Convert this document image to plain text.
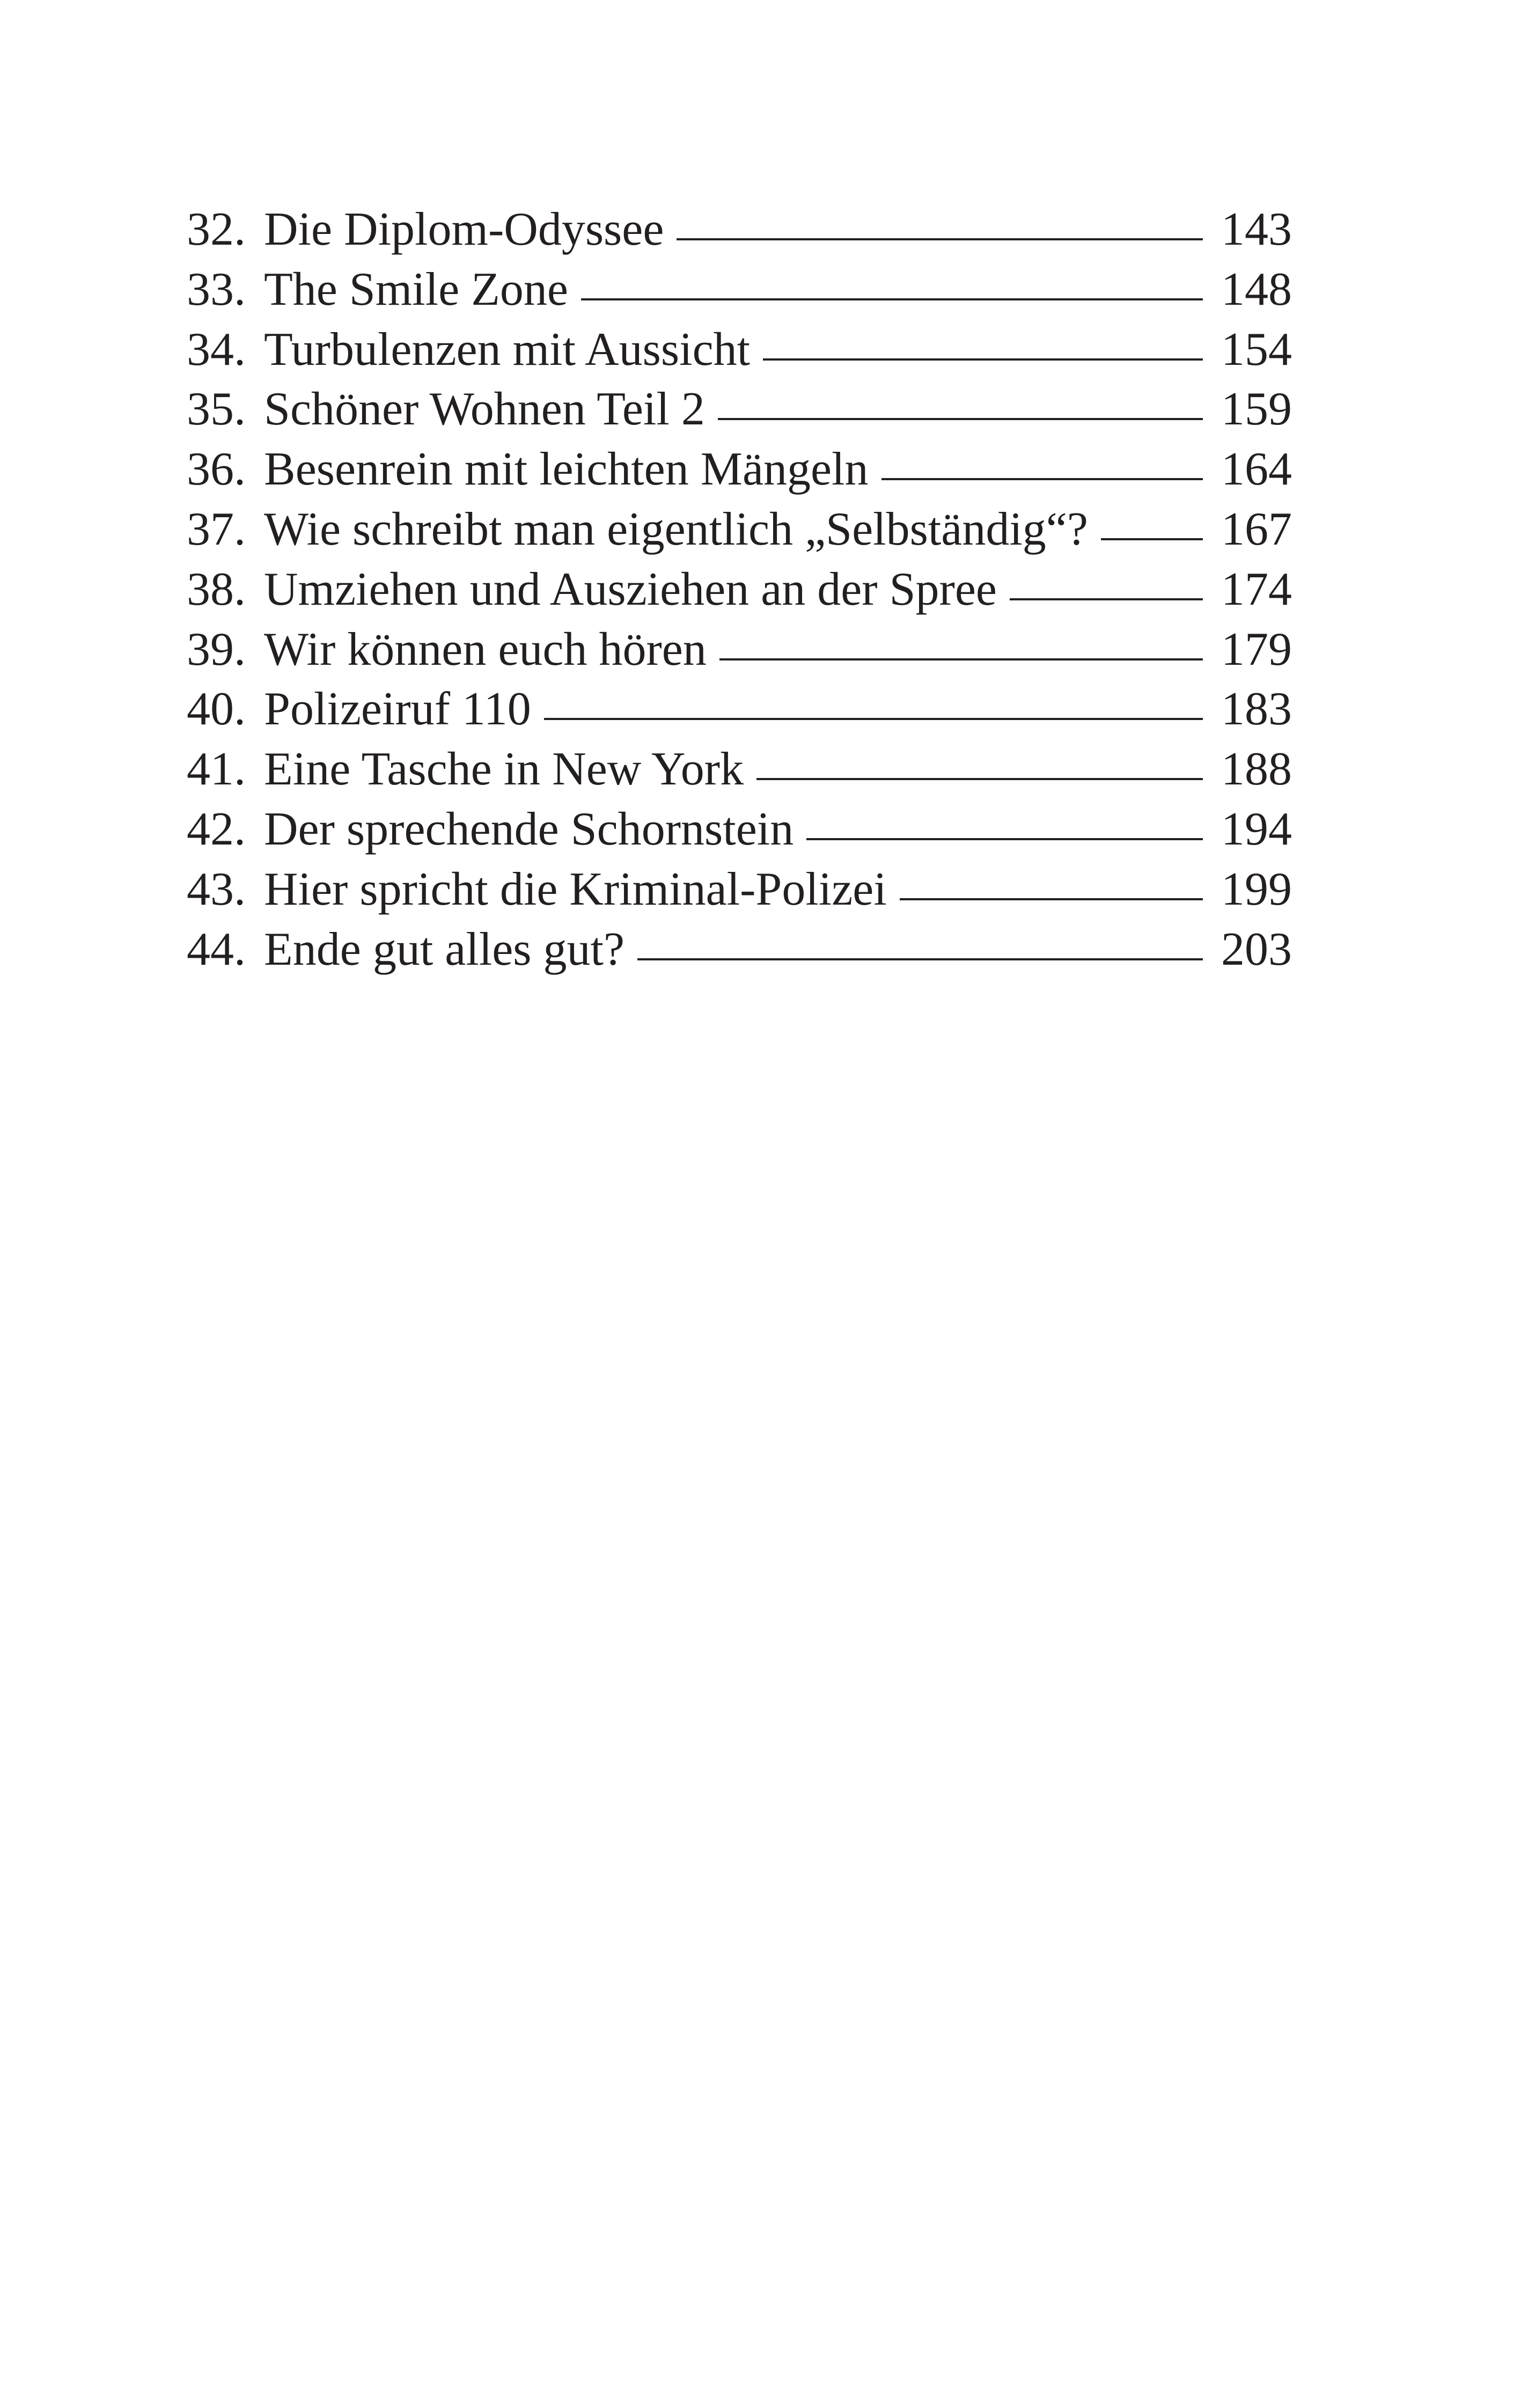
32. Die Diplom-Odyssee	143
33. The Smile Zone	148
34. Turbulenzen mit Aussicht	154
35. Schöner Wohnen Teil 2	159
36. Besenrein mit leichten Mängeln	164
37. Wie schreibt man eigentlich „Selbständig“?	167
38. Umziehen und Ausziehen an der Spree	174
39. Wir können euch hören	179
40. Polizeiruf 110	183
41. Eine Tasche in New York	188
42. Der sprechende Schornstein	194
43. Hier spricht die Kriminal-Polizei	199
44. Ende gut alles gut?	203
